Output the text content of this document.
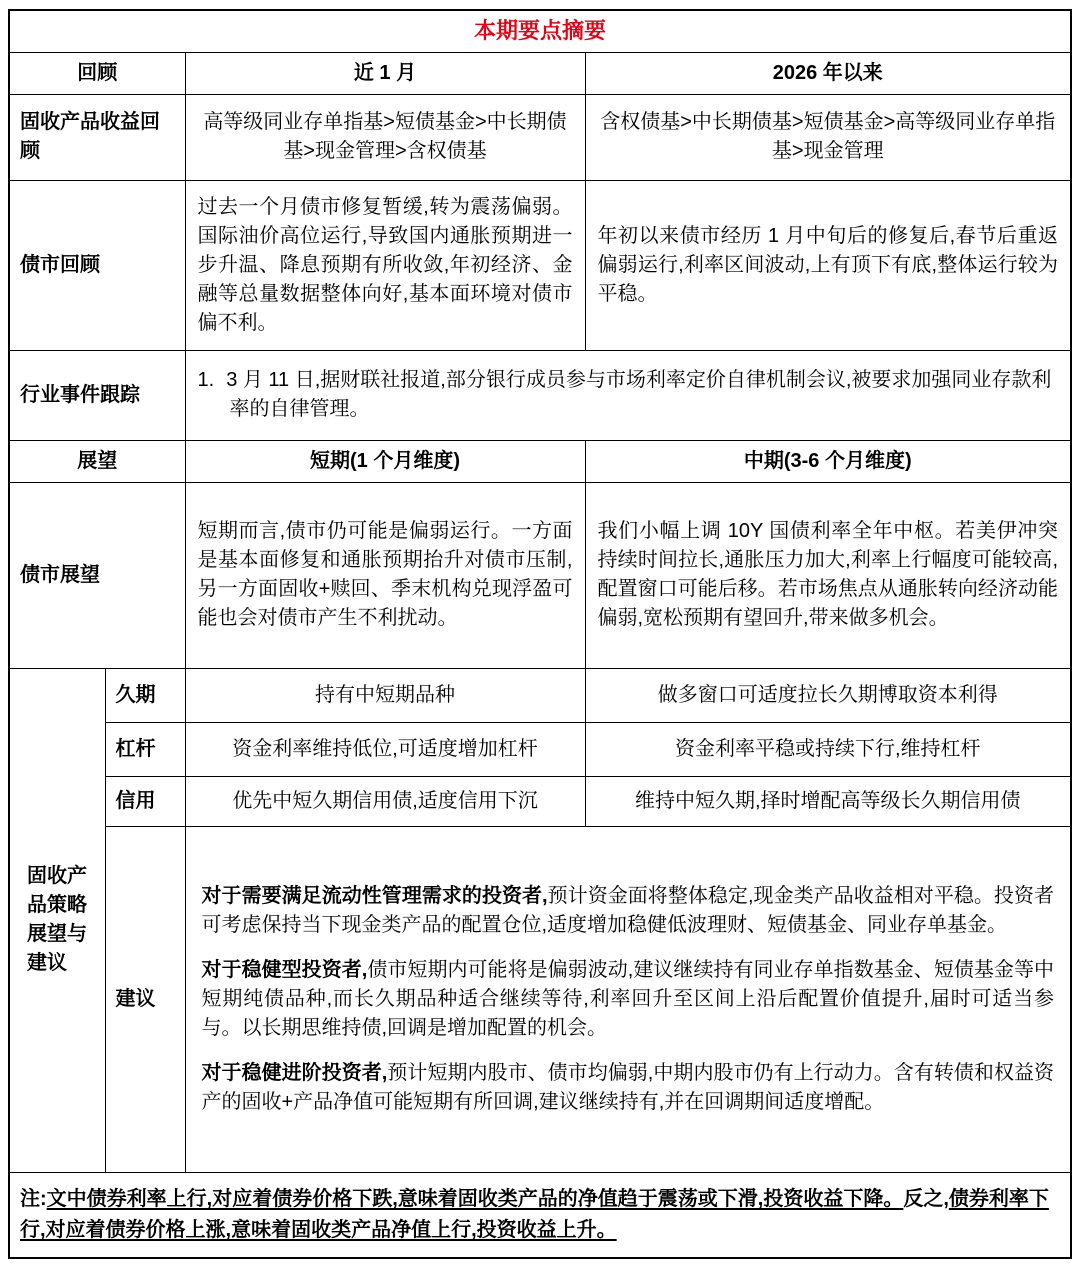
本期要点摘要			
回顾		近 1 月	2026 年以来
固收产品收益回顾		高等级同业存单指基>短债基金>中长期债基>现金管理>含权债基	含权债基>中长期债基>短债基金>高等级同业存单指基>现金管理
债市回顾		过去一个月债市修复暂缓,转为震荡偏弱。国际油价高位运行,导致国内通胀预期进一步升温、降息预期有所收敛,年初经济、金融等总量数据整体向好,基本面环境对债市偏不利。	年初以来债市经历 1 月中旬后的修复后,春节后重返偏弱运行,利率区间波动,上有顶下有底,整体运行较为平稳。
行业事件跟踪		1. 3 月 11 日,据财联社报道,部分银行成员参与市场利率定价自律机制会议,被要求加强同业存款利率的自律管理。	

展望		短期(1 个月维度)	中期(3-6 个月维度)
债市展望		短期而言,债市仍可能是偏弱运行。一方面是基本面修复和通胀预期抬升对债市压制,另一方面固收+赎回、季末机构兑现浮盈可能也会对债市产生不利扰动。	我们小幅上调 10Y 国债利率全年中枢。若美伊冲突持续时间拉长,通胀压力加大,利率上行幅度可能较高,配置窗口可能后移。若市场焦点从通胀转向经济动能偏弱,宽松预期有望回升,带来做多机会。
固收产品策略展望与建议	久期	持有中短期品种	做多窗口可适度拉长久期博取资本利得
	杠杆	资金利率维持低位,可适度增加杠杆	资金利率平稳或持续下行,维持杠杆
	信用	优先中短久期信用债,适度信用下沉	维持中短久期,择时增配高等级长久期信用债
	建议	对于需要满足流动性管理需求的投资者,预计资金面将整体稳定,现金类产品收益相对平稳。投资者可考虑保持当下现金类产品的配置仓位,适度增加稳健低波理财、短债基金、同业存单基金。

对于稳健型投资者,债市短期内可能将是偏弱波动,建议继续持有同业存单指数基金、短债基金等中短期纯债品种,而长久期品种适合继续等待,利率回升至区间上沿后配置价值提升,届时可适当参与。以长期思维持债,回调是增加配置的机会。

对于稳健进阶投资者,预计短期内股市、债市均偏弱,中期内股市仍有上行动力。含有转债和权益资产的固收+产品净值可能短期有所回调,建议继续持有,并在回调期间适度增配。	

注:文中债券利率上行,对应着债券价格下跌,意味着固收类产品的净值趋于震荡或下滑,投资收益下降。反之,债券利率下行,对应着债券价格上涨,意味着固收类产品净值上行,投资收益上升。			
